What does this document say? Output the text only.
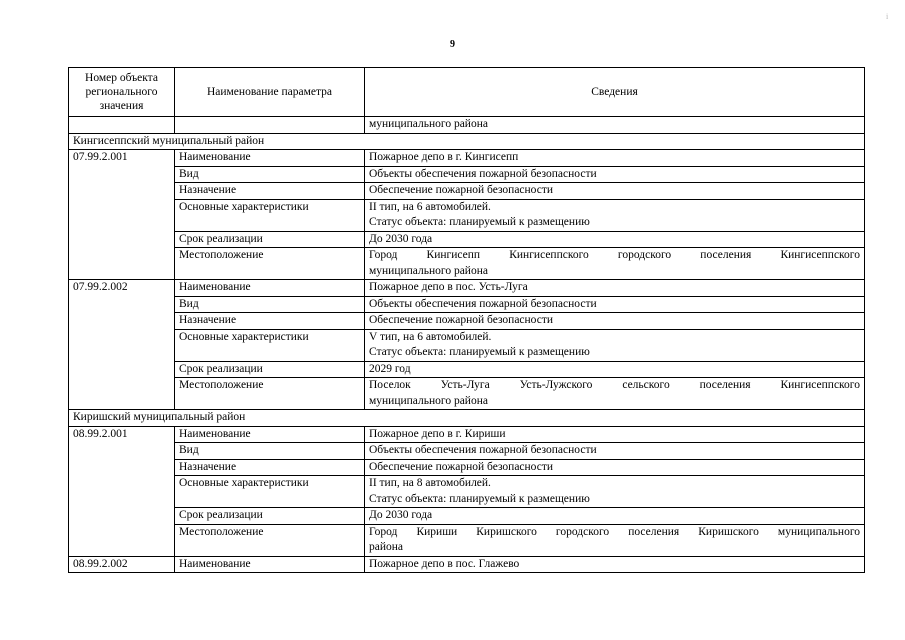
9
i
Номер объекта регионального значения	Наименование параметра	Сведения
		муниципального района
Кингисеппский муниципальный район		
07.99.2.001	Наименование	Пожарное депо в г. Кингисепп
	Вид	Объекты обеспечения пожарной безопасности
	Назначение	Обеспечение пожарной безопасности
	Основные характеристики	II тип, на 6 автомобилей.
Статус объекта: планируемый к размещению

	Срок реализации	До 2030 года
	Местоположение	Город Кингисепп Кингисеппского городского поселения Кингисеппского
муниципального района

07.99.2.002	Наименование	Пожарное депо в пос. Усть-Луга
	Вид	Объекты обеспечения пожарной безопасности
	Назначение	Обеспечение пожарной безопасности
	Основные характеристики	V тип, на 6 автомобилей.
Статус объекта: планируемый к размещению

	Срок реализации	2029 год
	Местоположение	Поселок Усть-Луга Усть-Лужского сельского поселения Кингисеппского
муниципального района

Киришский муниципальный район		
08.99.2.001	Наименование	Пожарное депо в г. Кириши
	Вид	Объекты обеспечения пожарной безопасности
	Назначение	Обеспечение пожарной безопасности
	Основные характеристики	II тип, на 8 автомобилей.
Статус объекта: планируемый к размещению

	Срок реализации	До 2030 года
	Местоположение	Город Кириши Киришского городского поселения Киришского муниципального
района

08.99.2.002	Наименование	Пожарное депо в пос. Глажево
